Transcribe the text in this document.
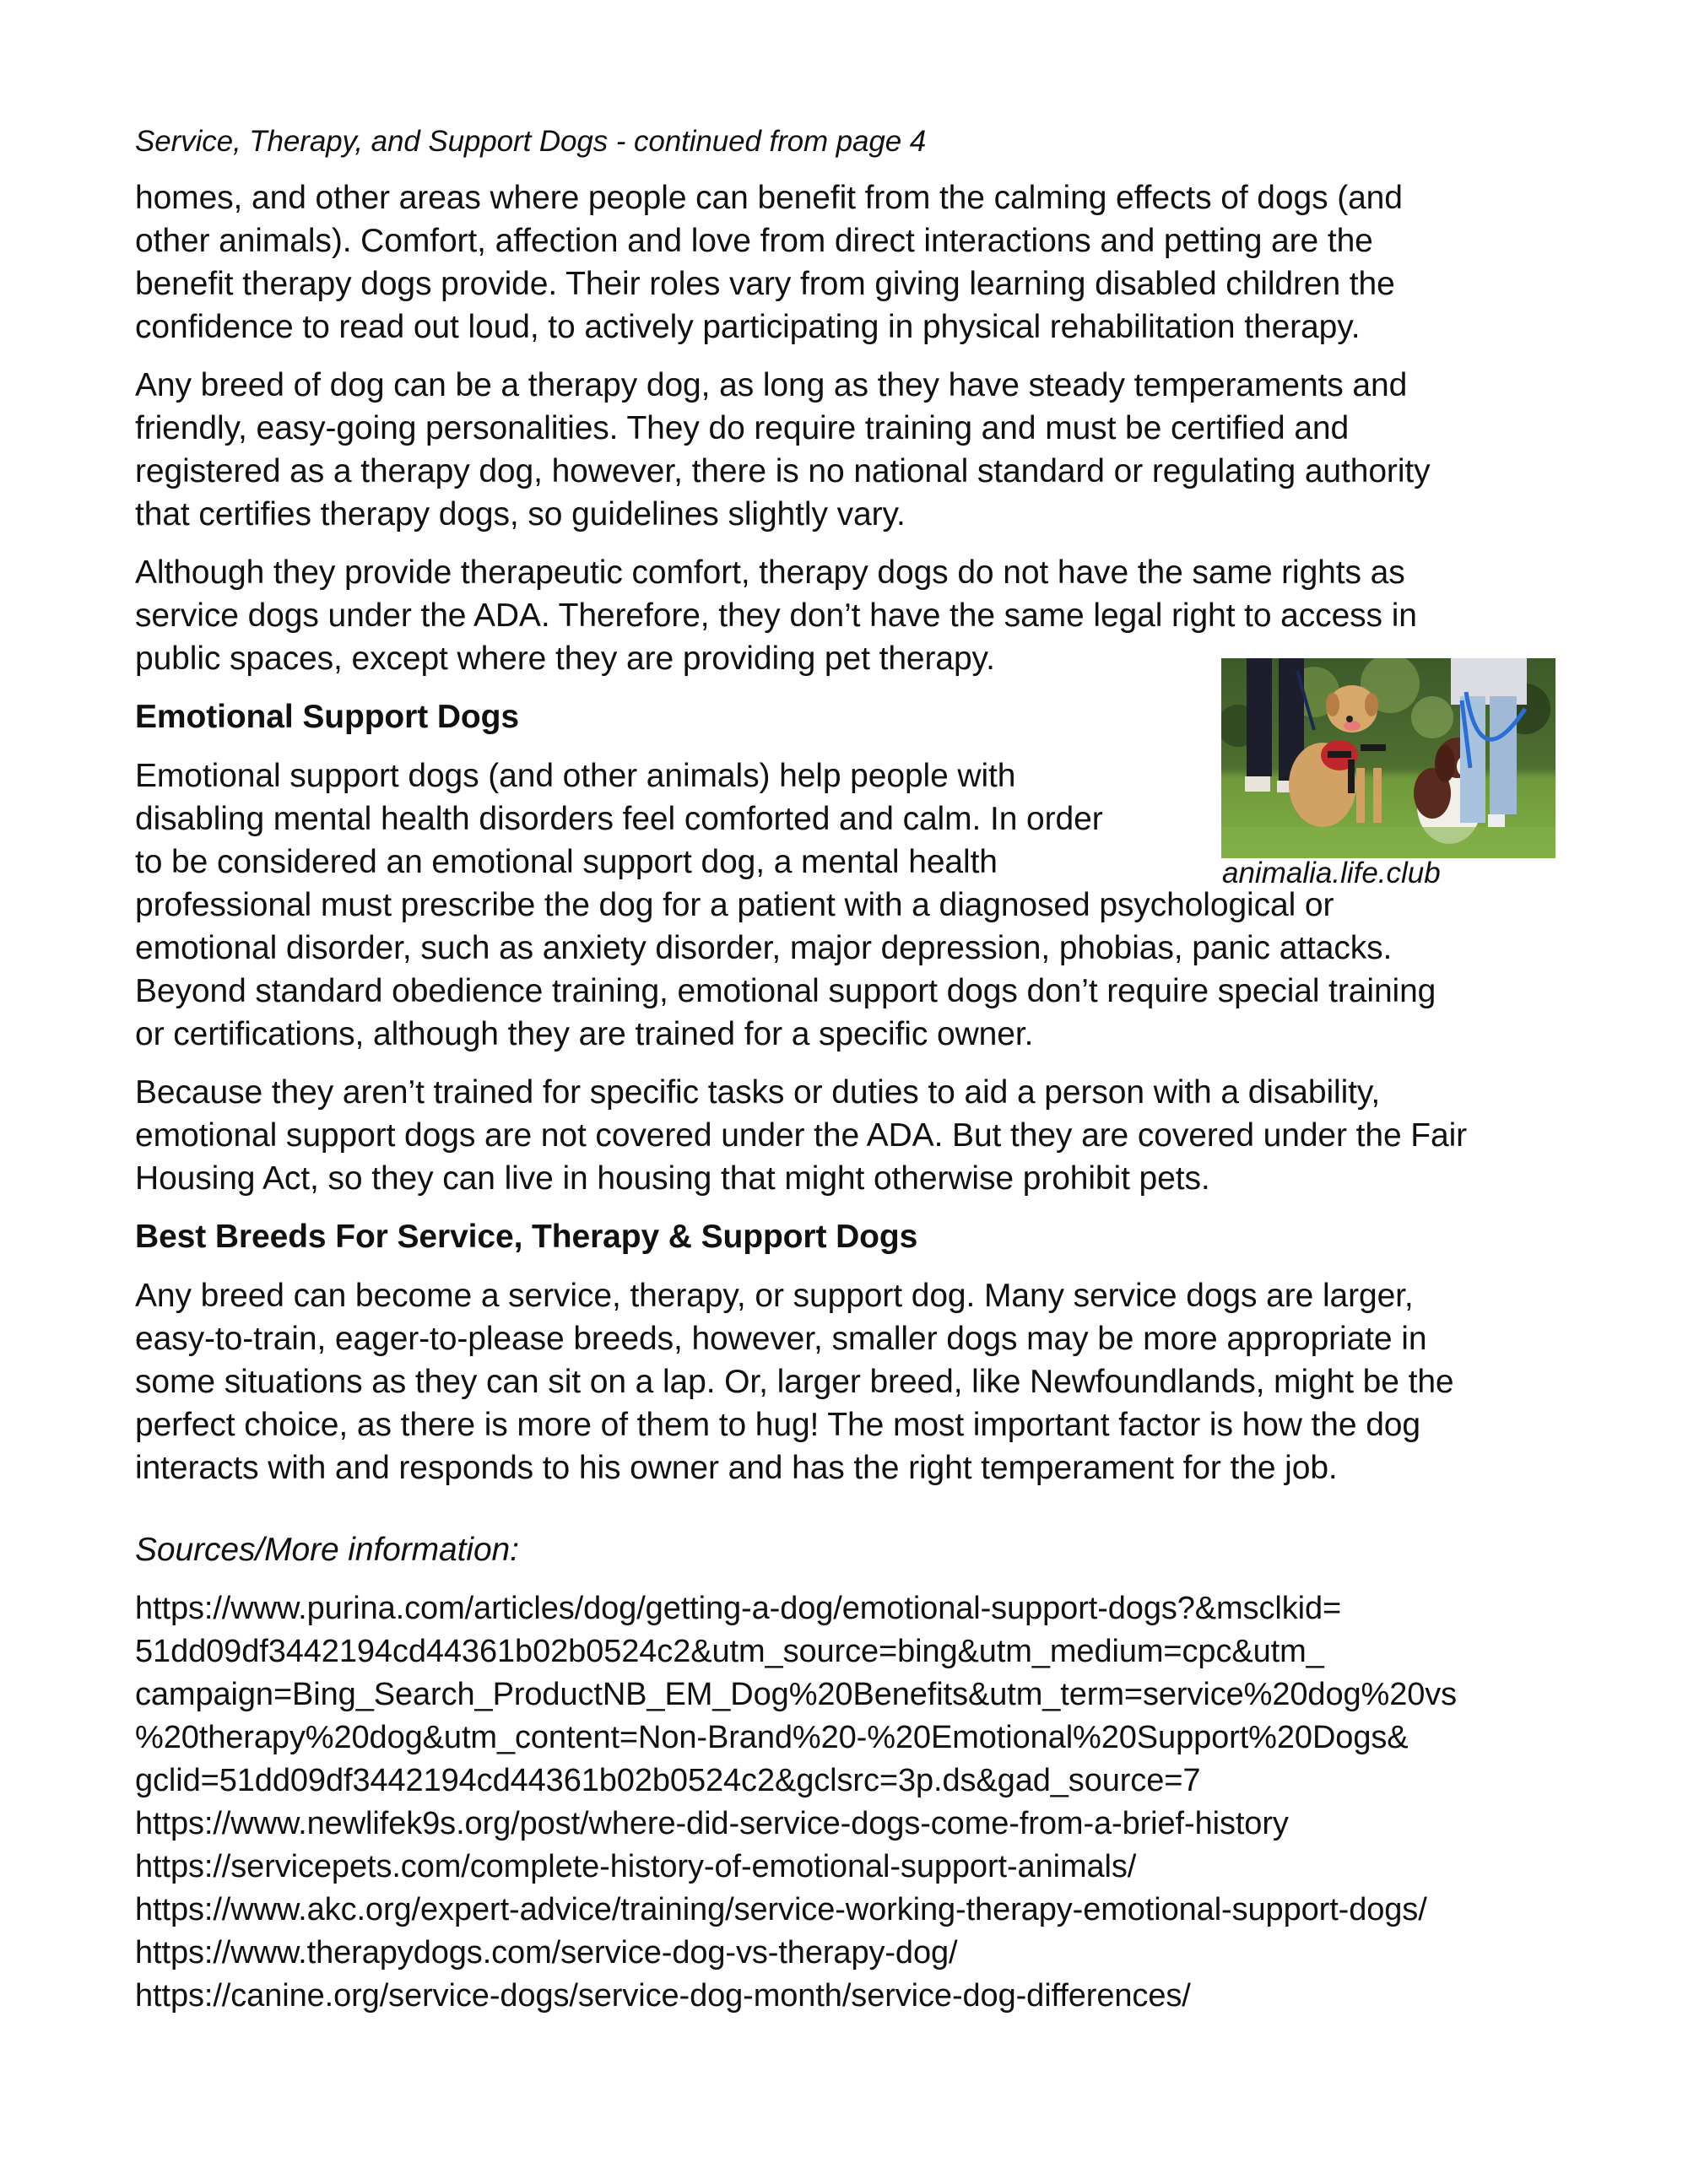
Service, Therapy, and Support Dogs - continued from page 4
homes, and other areas where people can benefit from the calming effects of dogs (and
other animals). Comfort, affection and love from direct interactions and petting are the
benefit therapy dogs provide. Their roles vary from giving learning disabled children the
confidence to read out loud, to actively participating in physical rehabilitation therapy.
Any breed of dog can be a therapy dog, as long as they have steady temperaments and
friendly, easy-going personalities. They do require training and must be certified and
registered as a therapy dog, however, there is no national standard or regulating authority
that certifies therapy dogs, so guidelines slightly vary.
Although they provide therapeutic comfort, therapy dogs do not have the same rights as
service dogs under the ADA. Therefore, they don’t have the same legal right to access in
public spaces, except where they are providing pet therapy.
Emotional Support Dogs
Emotional support dogs (and other animals) help people with
disabling mental health disorders feel comforted and calm. In order
to be considered an emotional support dog, a mental health
professional must prescribe the dog for a patient with a diagnosed psychological or
emotional disorder, such as anxiety disorder, major depression, phobias, panic attacks.
Beyond standard obedience training, emotional support dogs don’t require special training
or certifications, although they are trained for a specific owner.
Because they aren’t trained for specific tasks or duties to aid a person with a disability,
emotional support dogs are not covered under the ADA. But they are covered under the Fair
Housing Act, so they can live in housing that might otherwise prohibit pets.
Best Breeds For Service, Therapy & Support Dogs
Any breed can become a service, therapy, or support dog. Many service dogs are larger,
easy-to-train, eager-to-please breeds, however, smaller dogs may be more appropriate in
some situations as they can sit on a lap. Or, larger breed, like Newfoundlands, might be the
perfect choice, as there is more of them to hug! The most important factor is how the dog
interacts with and responds to his owner and has the right temperament for the job.
Sources/More information:
https://www.purina.com/articles/dog/getting-a-dog/emotional-support-dogs?&msclkid=
51dd09df3442194cd44361b02b0524c2&utm_source=bing&utm_medium=cpc&utm_
campaign=Bing_Search_ProductNB_EM_Dog%20Benefits&utm_term=service%20dog%20vs
%20therapy%20dog&utm_content=Non-Brand%20-%20Emotional%20Support%20Dogs&
gclid=51dd09df3442194cd44361b02b0524c2&gclsrc=3p.ds&gad_source=7
https://www.newlifek9s.org/post/where-did-service-dogs-come-from-a-brief-history
https://servicepets.com/complete-history-of-emotional-support-animals/
https://www.akc.org/expert-advice/training/service-working-therapy-emotional-support-dogs/
https://www.therapydogs.com/service-dog-vs-therapy-dog/
https://canine.org/service-dogs/service-dog-month/service-dog-differences/
animalia.life.club
